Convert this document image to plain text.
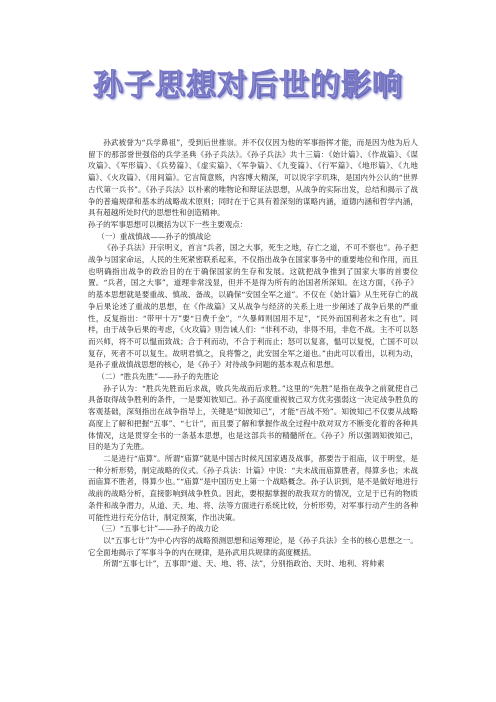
孙子思想对后世的影响

孙武被誉为“兵学鼻祖”，受到后世推崇。并不仅仅因为他的军事指挥才能，而是因为他为后人留下的那部誉世强俗的兵学圣典《孙子兵法》。《孙子兵法》共十三篇：《始计篇》、《作战篇》、《谋攻篇》、《军形篇》、《兵势篇》、《虚实篇》、《军争篇》、《九变篇》、《行军篇》、《地形篇》、《九地篇》、《火攻篇》、《用间篇》。它言简意赅，内容博大精深，可以说字字玑珠，是国内外公认的“世界古代第一兵书”。《孙子兵法》以朴素的唯物论和辩证法思想，从战争的实际出发，总结和揭示了战争的普遍规律和基本的战略战术原则；同时在于它具有着深刻的谋略内涵，道德内涵和哲学内涵，具有超越所处时代的思想性和创造精神。

孙子的军事思想可以概括为以下一些主要观点：

（一）重战慎战——孙子的慎战论

《孙子兵法》开宗明义，首言“兵者，国之大事，死生之地，存亡之道，不可不察也”。孙子把战争与国家命运，人民的生死紧密联系起来，不仅指出战争在国家事务中的重要地位和作用，而且也明确指出战争的政治目的在于确保国家的生存和发展。这就把战争推到了国家大事的首要位置。“兵者，国之大事”，道理非常浅显，但并不是得为所有的治国者所深知。在这方面，《孙子》的基本思想就是要重战、慎战、备战，以确保“安国全军之道”。不仅在《始计篇》从生死存亡的战争后果论述了重战的思想，在《作战篇》又从战争与经济的关系上进一步阐述了战争后果的严重性，反复指出：“带甲十万”要“日费千金”，“久暴师则国用不足”，“民外而国利者未之有也”。同样，由于战争后果的考虑，《火攻篇》则告诫人们：“非利不动，非得不用，非危不战。主不可以怒而兴师，将不可以愠而致战；合于利而动，不合于利而止；怒可以复喜，愠可以复悦，亡国不可以复存，死者不可以复生。故明君慎之，良将警之，此安国全军之道也。”由此可以看出，以利为动，是孙子重战慎战思想的核心，是《孙子》对待战争问题的基本观点和思想。

（二）“胜兵先胜”——孙子的先胜论

孙子认为：“胜兵先胜而后求战，败兵先战而后求胜。”这里的“先胜”是指在战争之前就使自己具备取得战争胜利的条件，一是要知彼知己。孙子高度重视彼己双方优劣强弱这一决定战争胜负的客观基础，深刻指出在战争指导上，关键是“知彼知己”，才能“百战不殆”。知彼知己不仅要从战略高度上了解和把握“五事”、“七计”，而且要了解和掌握作战全过程中敌对双方不断变化着的各种具体情况，这是贯穿全书的一条基本思想，也是这部兵书的精髓所在。《孙子》所以强调知彼知己，目的是为了先胜。

二是进行“庙算”。所谓“庙算”就是中国古时候凡国家遇及战事，都要告于祖庙，议于明堂，是一种分析形势，制定战略的仪式。《孙子兵法：计篇》中说：“夫未战而庙算胜者，得算多也；未战而庙算不胜者，得算少也。”“庙算”是中国历史上第一个战略概念。孙子认识到，是不是做好地进行战前的战略分析，直接影响到战争胜负。因此，要根据掌握的敌我双方的情况，立足于已有的物质条件和战争潜力，从道、天、地、将、法等方面进行系统比较，分析形势，对军事行动产生的各种可能性进行充分估计，制定预案，作出决策。

（三）“五事七计”——孙子的战力论

以“五事七计”为中心内容的战略预测思想和运筹理论，是《孙子兵法》全书的核心思想之一。它全面地揭示了军事斗争的内在规律，是孙武用兵规律的高度概括。

所谓“五事七计”，五事即“道、天、地、将、法”，分别指政治、天时、地利、将帅素
